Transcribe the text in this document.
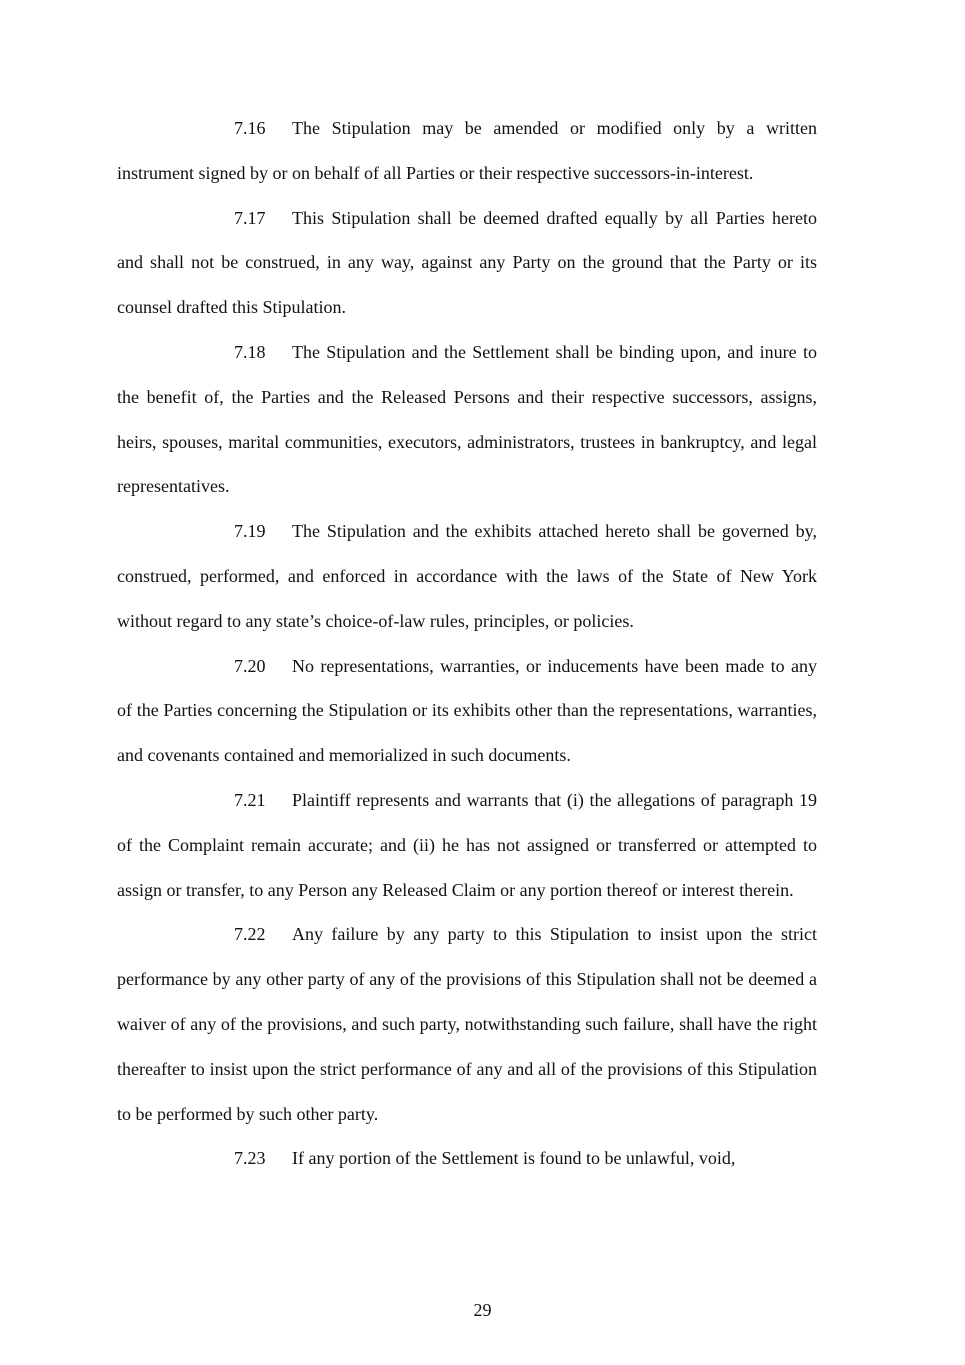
7.16 The Stipulation may be amended or modified only by a written instrument signed by or on behalf of all Parties or their respective successors-in-interest.

7.17 This Stipulation shall be deemed drafted equally by all Parties hereto and shall not be construed, in any way, against any Party on the ground that the Party or its counsel drafted this Stipulation.

7.18 The Stipulation and the Settlement shall be binding upon, and inure to the benefit of, the Parties and the Released Persons and their respective successors, assigns, heirs, spouses, marital communities, executors, administrators, trustees in bankruptcy, and legal representatives.

7.19 The Stipulation and the exhibits attached hereto shall be governed by, construed, performed, and enforced in accordance with the laws of the State of New York without regard to any state’s choice-of-law rules, principles, or policies.

7.20 No representations, warranties, or inducements have been made to any of the Parties concerning the Stipulation or its exhibits other than the representations, warranties, and covenants contained and memorialized in such documents.

7.21 Plaintiff represents and warrants that (i) the allegations of paragraph 19 of the Complaint remain accurate; and (ii) he has not assigned or transferred or attempted to assign or transfer, to any Person any Released Claim or any portion thereof or interest therein.

7.22 Any failure by any party to this Stipulation to insist upon the strict performance by any other party of any of the provisions of this Stipulation shall not be deemed a waiver of any of the provisions, and such party, notwithstanding such failure, shall have the right thereafter to insist upon the strict performance of any and all of the provisions of this Stipulation to be performed by such other party.

7.23 If any portion of the Settlement is found to be unlawful, void,

29
